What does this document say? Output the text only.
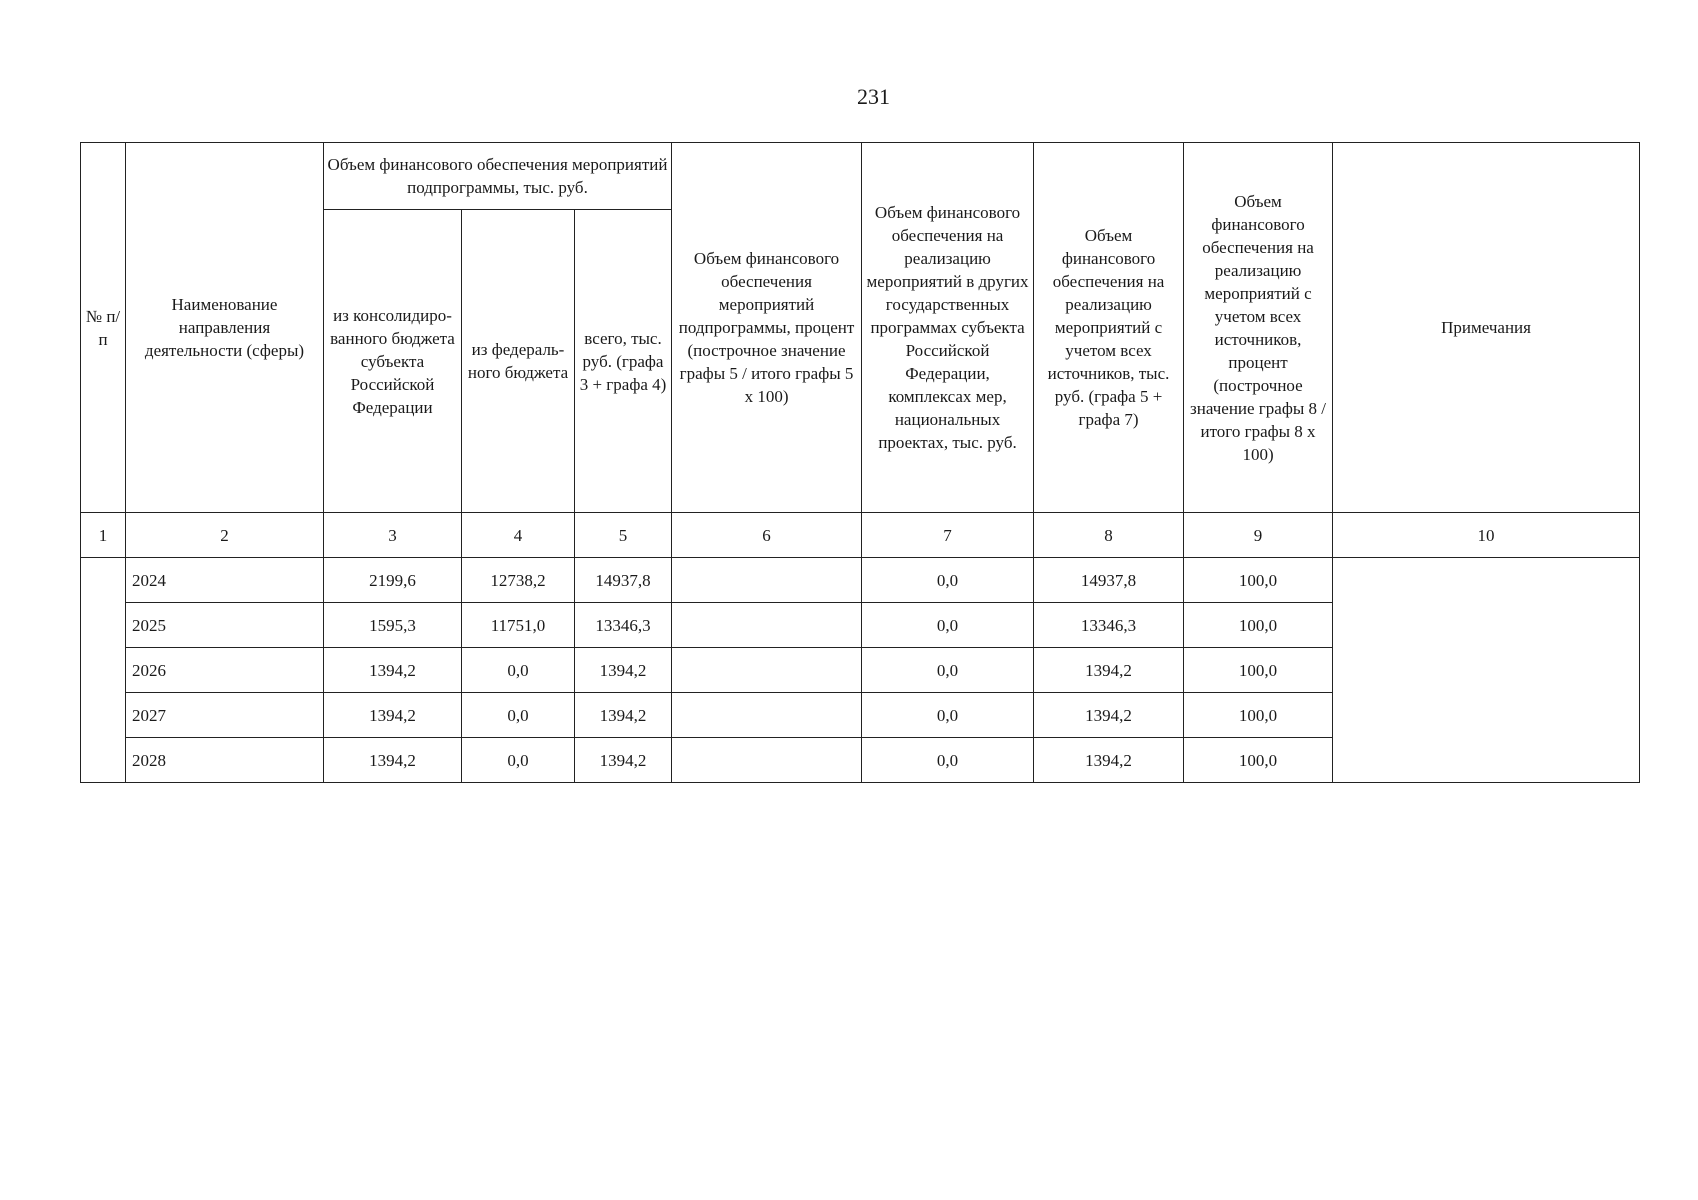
231
№ п/п	Наименование направления деятельности (сферы)	Объем финансового обеспечения мероприятий подпрограммы, тыс. руб.			Объем финансового обеспечения мероприятий подпрограммы, процент (построчное значение графы 5 / итого графы 5 х 100)	Объем финансового обеспечения на реализацию мероприятий в других государственных программах субъекта Российской Федерации, комплексах мер, национальных проектах, тыс. руб.	Объем финансового обеспечения на реализацию мероприятий с учетом всех источников, тыс. руб. (графа 5 + графа 7)	Объем финансового обеспечения на реализацию мероприятий с учетом всех источников, процент (построчное значение графы 8 / итого графы 8 х 100)	Примечания
		из консолидиро-ванного бюджета субъекта Российской Федерации	из федераль-ного бюджета	всего, тыс. руб. (графа 3 + графа 4)					
1	2	3	4	5	6	7	8	9	10
	2024	2199,6	12738,2	14937,8		0,0	14937,8	100,0	
	2025	1595,3	11751,0	13346,3		0,0	13346,3	100,0	
	2026	1394,2	0,0	1394,2		0,0	1394,2	100,0	
	2027	1394,2	0,0	1394,2		0,0	1394,2	100,0	
	2028	1394,2	0,0	1394,2		0,0	1394,2	100,0	
